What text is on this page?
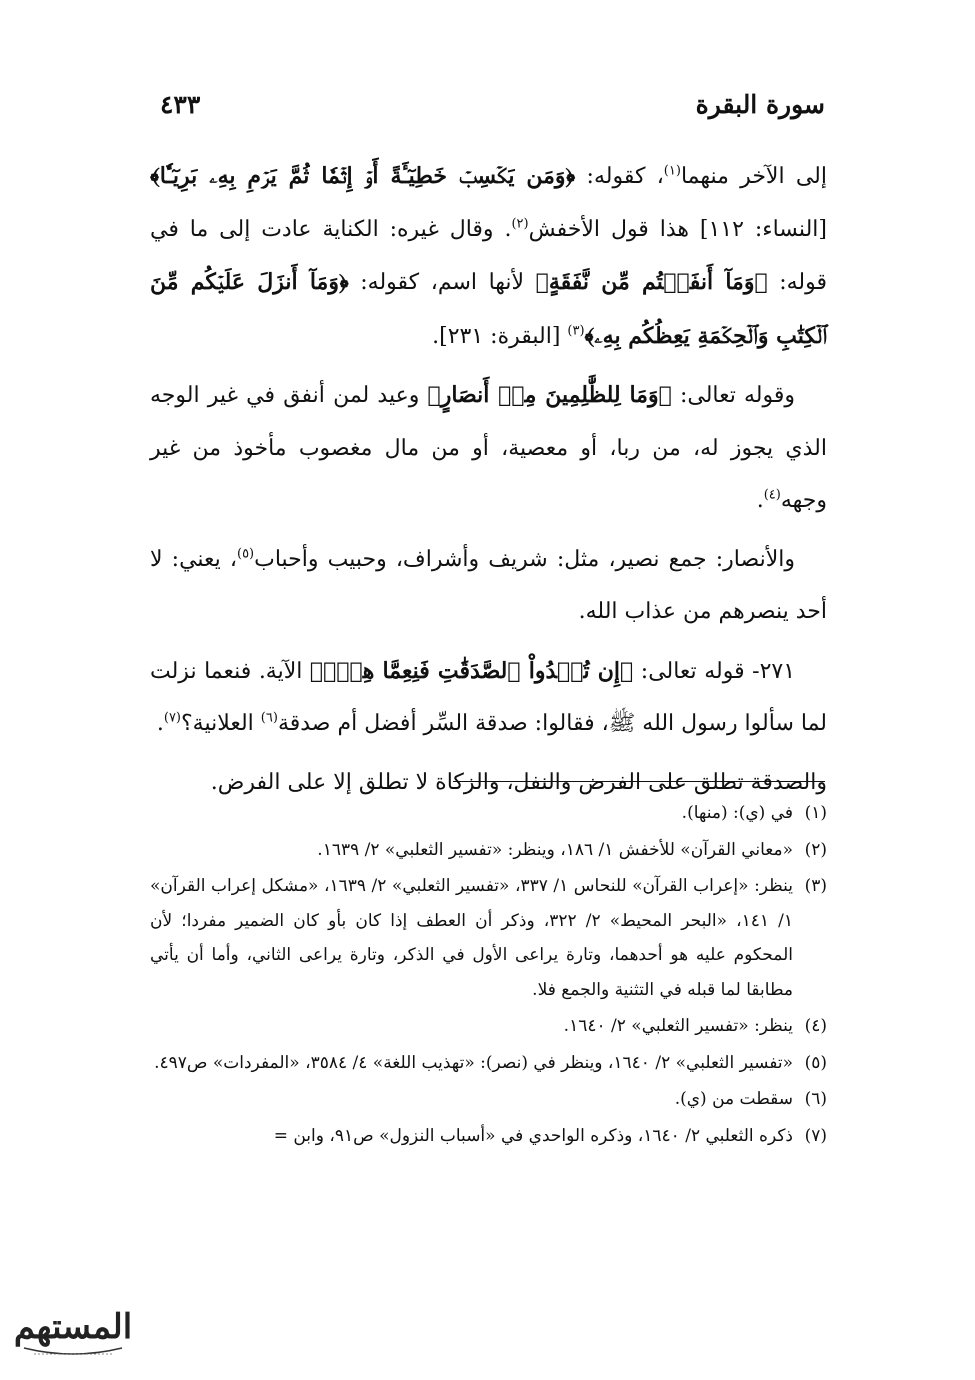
سورة البقرة
٤٣٣

إلى الآخر منهما$^{(١)}$، كقوله: ﴿وَمَن يَكۡسِبۡ خَطِيٓـَٔةً أَوۡ إِثۡمٗا ثُمَّ يَرۡمِ بِهِۦ بَرِيٓـٔٗا﴾ [النساء: ١١٢] هذا قول الأخفش$^{(٢)}$. وقال غيره: الكناية عادت إلى ما في قوله: ﴿وَمَآ أَنفَقۡتُم مِّن نَّفَقَةٍ﴾ لأنها اسم، كقوله: ﴿وَمَآ أَنزَلَ عَلَيۡكُم مِّنَ ٱلۡكِتَٰبِ وَٱلۡحِكۡمَةِ يَعِظُكُم بِهِۦ﴾$^{(٣)}$ [البقرة: ٢٣١].

وقوله تعالى: ﴿وَمَا لِلظَّٰلِمِينَ مِنۡ أَنصَارٍ﴾ وعيد لمن أنفق في غير الوجه الذي يجوز له، من ربا، أو معصية، أو من مال مغصوب مأخوذ من غير وجهه$^{(٤)}$.

والأنصار: جمع نصير، مثل: شريف وأشراف، وحبيب وأحباب$^{(٥)}$، يعني: لا أحد ينصرهم من عذاب الله.

٢٧١- قوله تعالى: ﴿إِن تُبۡدُواْ ٱلصَّدَقَٰتِ فَنِعِمَّا هِيَۖ﴾ الآية. فنعما نزلت لما سألوا رسول الله ﷺ، فقالوا: صدقة السِّر أفضل أم صدقة$^{(٦)}$ العلانية؟$^{(٧)}$.

والصدقة تطلق على الفرض والنفل، والزكاة لا تطلق إلا على الفرض.

(١)في (ي): (منها).

(٢)«معاني القرآن» للأخفش ١/ ١٨٦، وينظر: «تفسير الثعلبي» ٢/ ١٦٣٩.

(٣)ينظر: «إعراب القرآن» للنحاس ١/ ٣٣٧، «تفسير الثعلبي» ٢/ ١٦٣٩، «مشكل إعراب القرآن» ١/ ١٤١، «البحر المحيط» ٢/ ٣٢٢، وذكر أن العطف إذا كان بأو كان الضمير مفردا؛ لأن المحكوم عليه هو أحدهما، وتارة يراعى الأول في الذكر، وتارة يراعى الثاني، وأما أن يأتي مطابقا لما قبله في التثنية والجمع فلا.

(٤)ينظر: «تفسير الثعلبي» ٢/ ١٦٤٠.

(٥)«تفسير الثعلبي» ٢/ ١٦٤٠، وينظر في (نصر): «تهذيب اللغة» ٤/ ٣٥٨٤، «المفردات» ص٤٩٧.

(٦)سقطت من (ي).

(٧)ذكره الثعلبي ٢/ ١٦٤٠، وذكره الواحدي في «أسباب النزول» ص٩١، وابن =

المستهم
